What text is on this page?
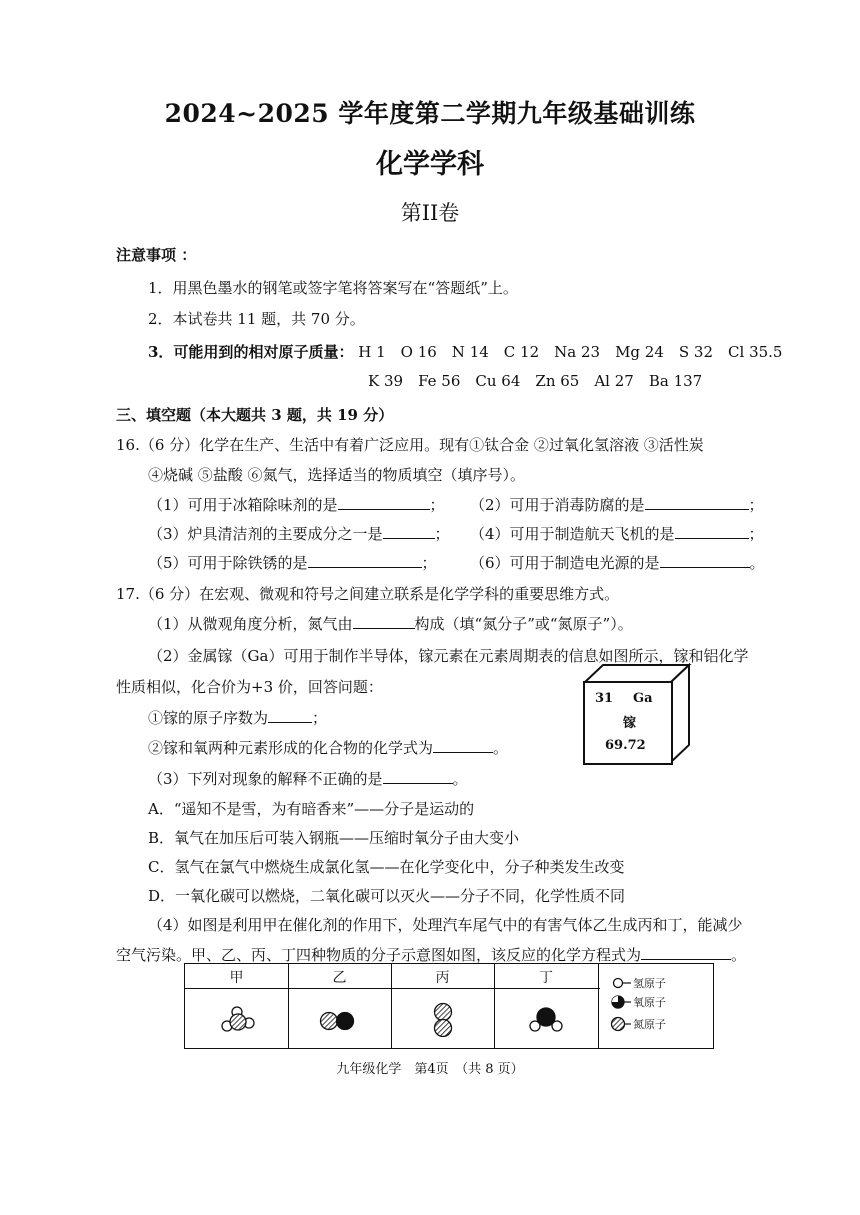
2024~2025 学年度第二学期九年级基础训练
化学学科
第II卷
注意事项 ：
1．用黑色墨水的钢笔或签字笔将答案写在“答题纸”上。
2．本试卷共 11 题，共 70 分。
3．可能用到的相对原子质量： H 1 O 16 N 14 C 12 Na 23 Mg 24 S 32 Cl 35.5
K 39 Fe 56 Cu 64 Zn 65 Al 27 Ba 137
三、填空题（本大题共 3 题，共 19 分）
16.（6 分）化学在生产、生活中有着广泛应用。现有①钛合金 ②过氧化氢溶液 ③活性炭
④烧碱 ⑤盐酸 ⑥氮气，选择适当的物质填空（填序号）。
（1）可用于冰箱除味剂的是	； （2）可用于消毒防腐的是	；
（3）炉具清洁剂的主要成分之一是	； （4）可用于制造航天飞机的是	；
（5）可用于除铁锈的是	； （6）可用于制造电光源的是	。
17.（6 分）在宏观、微观和符号之间建立联系是化学学科的重要思维方式。
（1）从微观角度分析，氮气由	构成（填“氮分子”或“氮原子”）。
（2）金属镓（Ga）可用于制作半导体，镓元素在元素周期表的信息如图所示，镓和铝化学
性质相似，化合价为+3 价，回答问题：
①镓的原子序数为	；
②镓和氧两种元素形成的化合物的化学式为	。
31 Ga
镓
69.72
（3）下列对现象的解释不正确的是	。
A．“遥知不是雪，为有暗香来”——分子是运动的
B．氧气在加压后可装入钢瓶——压缩时氧分子由大变小
C．氢气在氯气中燃烧生成氯化氢——在化学变化中，分子种类发生改变
D．一氧化碳可以燃烧，二氧化碳可以灭火——分子不同，化学性质不同
（4）如图是利用甲在催化剂的作用下，处理汽车尾气中的有害气体乙生成丙和丁，能减少
空气污染。甲、乙、丙、丁四种物质的分子示意图如图，该反应的化学方程式为	。
甲	乙	丙	丁	氢原子
氧原子
氮原子
九年级化学　第4页　（共 8 页）
